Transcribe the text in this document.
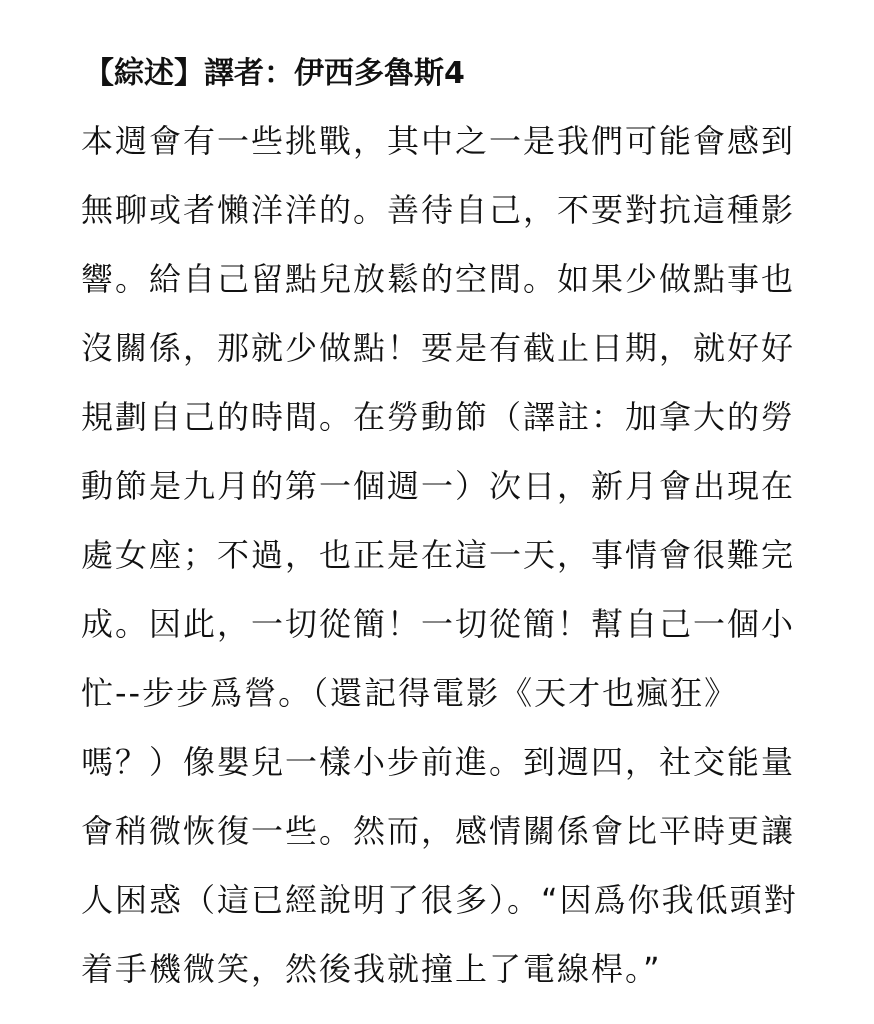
【綜述】譯者：伊西多魯斯4
本週會有一些挑戰，其中之一是我們可能會感到
無聊或者懶洋洋的。善待自己，不要對抗這種影
響。給自己留點兒放鬆的空間。如果少做點事也
沒關係，那就少做點！要是有截止日期，就好好
規劃自己的時間。在勞動節（譯註：加拿大的勞
動節是九月的第一個週一）次日，新月會出現在
處女座；不過，也正是在這一天，事情會很難完
成。因此，一切從簡！一切從簡！幫自己一個小
忙--步步爲營。（還記得電影《天才也瘋狂》
嗎？）像嬰兒一樣小步前進。到週四，社交能量
會稍微恢復一些。然而，感情關係會比平時更讓
人困惑（這已經說明了很多）。“因爲你我低頭對
着手機微笑，然後我就撞上了電線桿。”
